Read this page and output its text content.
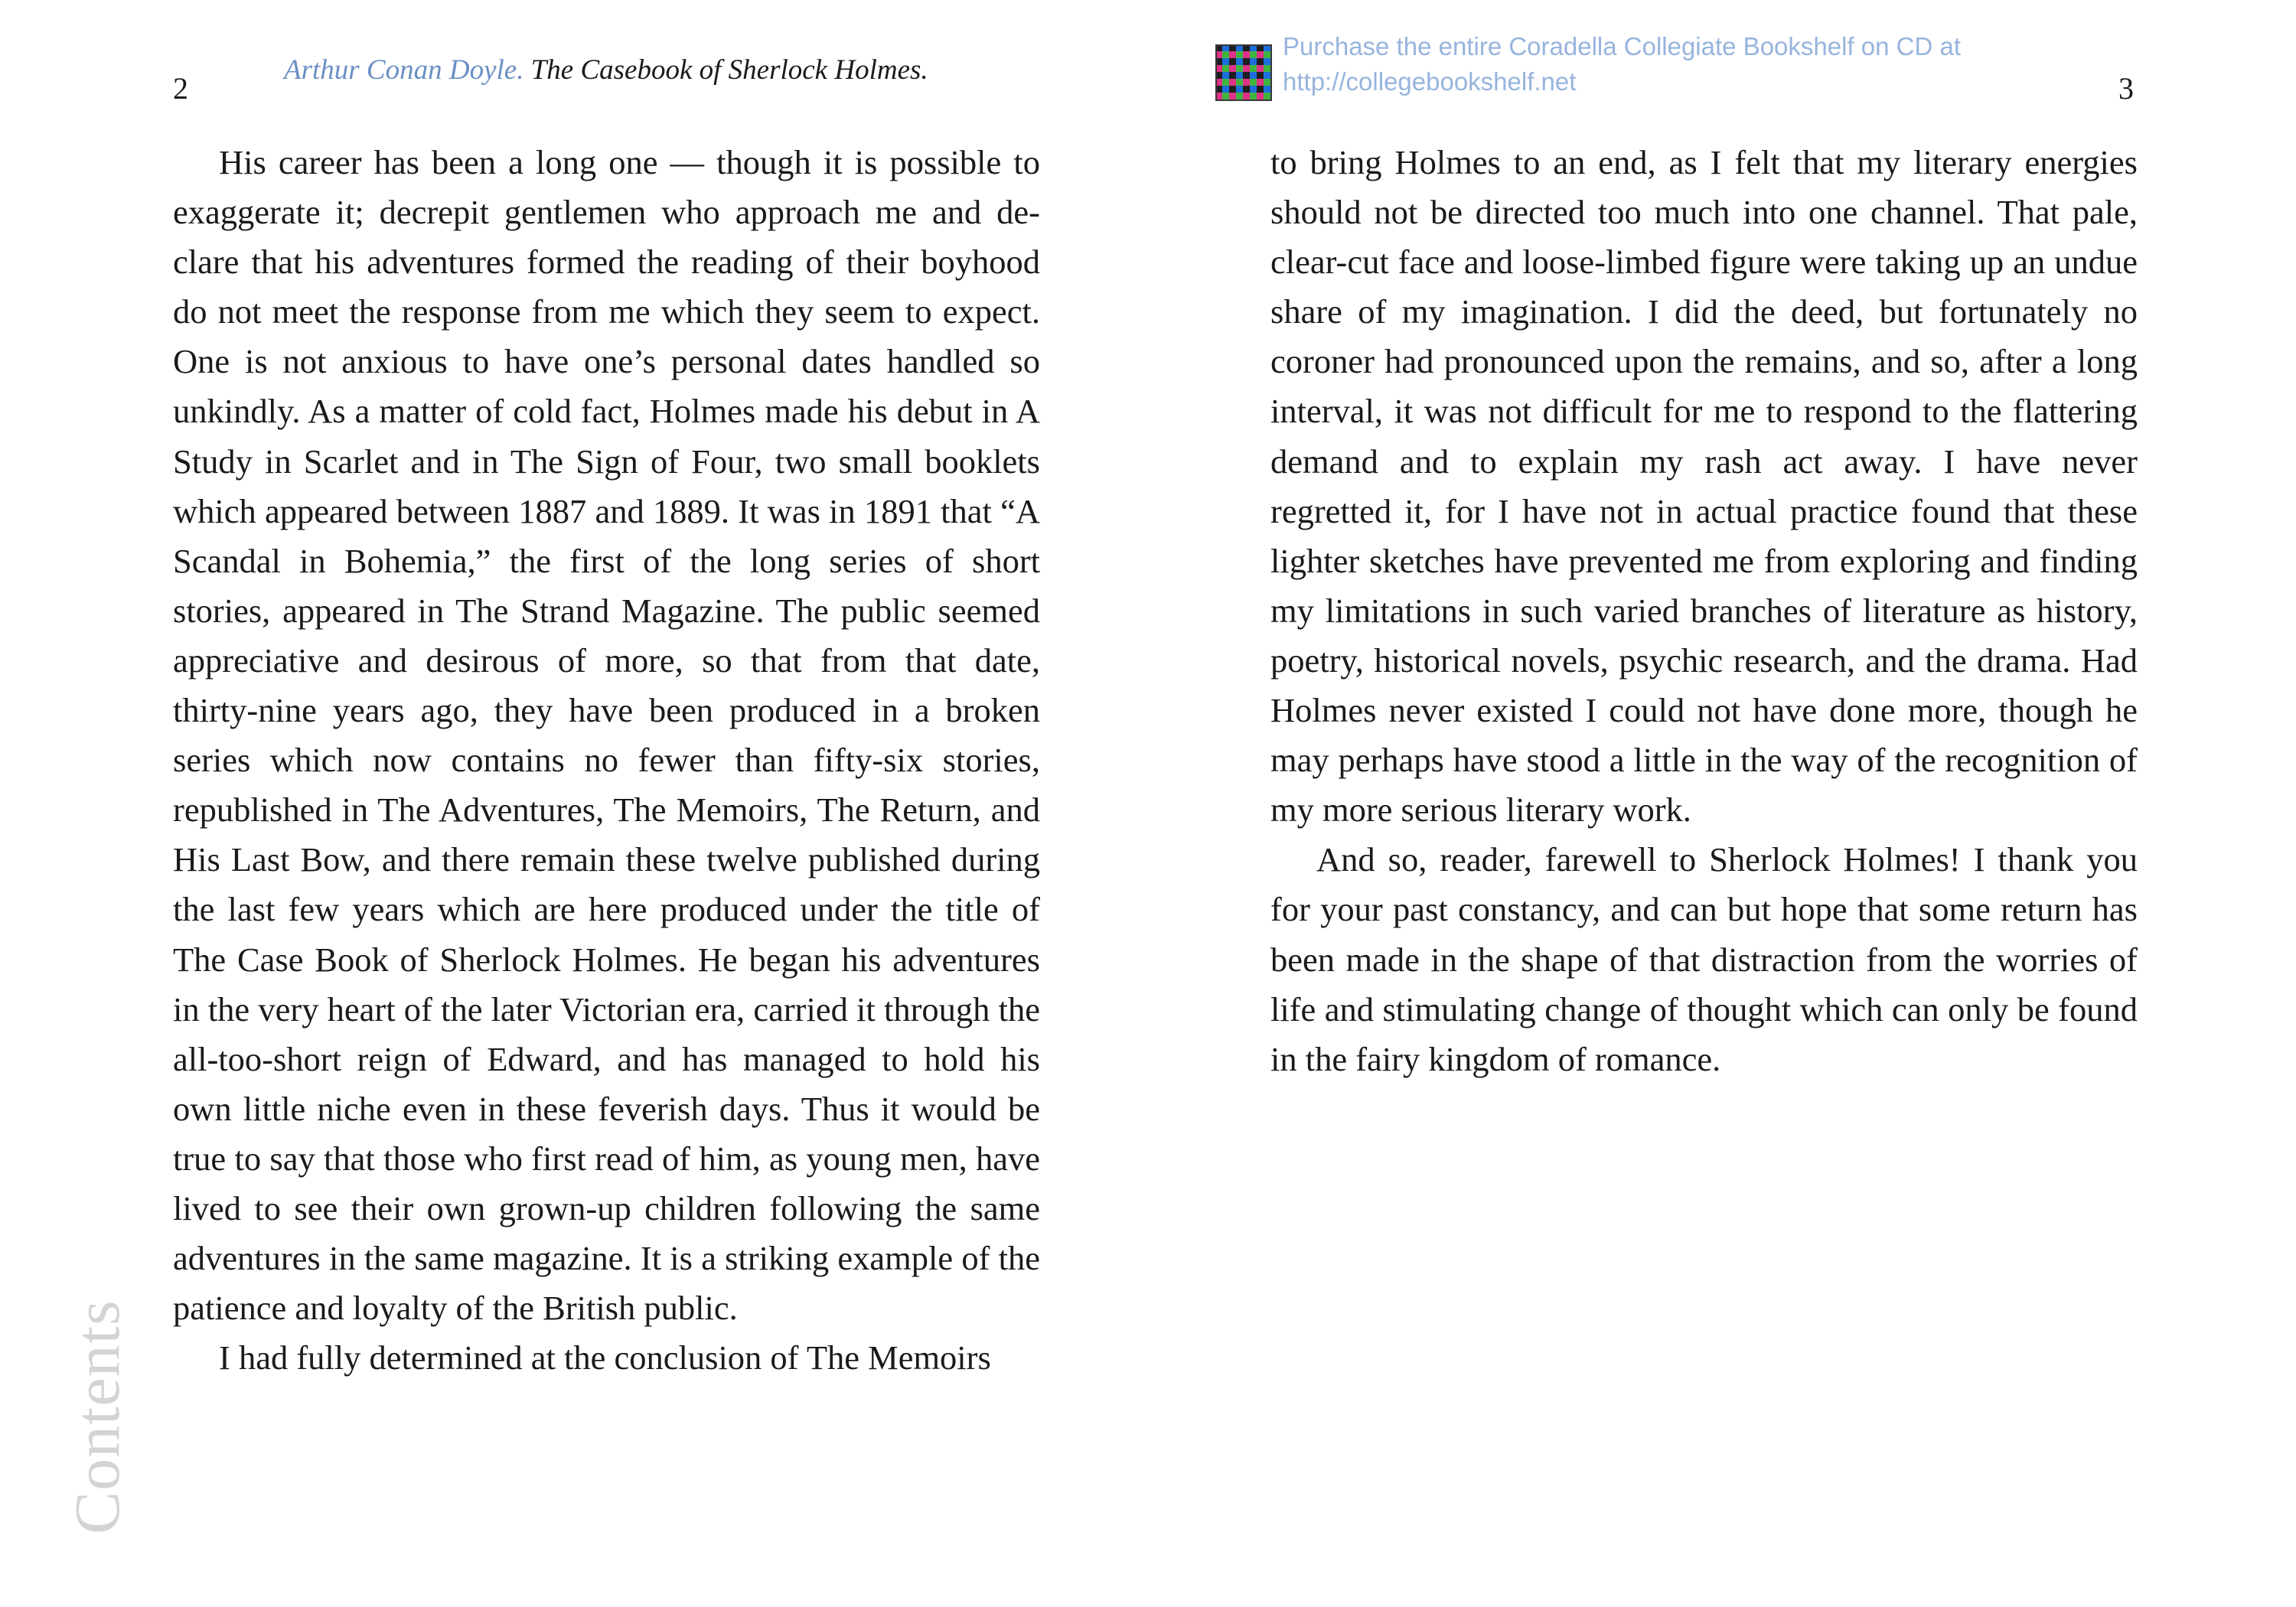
2
Arthur Conan Doyle. The Casebook of Sherlock Holmes.

His career has been a long one — though it is possible to exaggerate it; decrepit gentlemen who approach me and declare that his adventures formed the reading of their boyhood do not meet the response from me which they seem to expect. One is not anxious to have one’s personal dates handled so unkindly. As a matter of cold fact, Holmes made his debut in A Study in Scarlet and in The Sign of Four, two small booklets which appeared between 1887 and 1889. It was in 1891 that “A Scandal in Bohemia,” the first of the long series of short stories, appeared in The Strand Magazine. The public seemed appreciative and desirous of more, so that from that date, thirty-nine years ago, they have been produced in a broken series which now contains no fewer than fifty-six stories, republished in The Adventures, The Memoirs, The Return, and His Last Bow, and there remain these twelve published during the last few years which are here produced under the title of The Case Book of Sherlock Holmes. He began his adventures in the very heart of the later Victorian era, carried it through the all-too-short reign of Edward, and has managed to hold his own little niche even in these feverish days. Thus it would be true to say that those who first read of him, as young men, have lived to see their own grown-up children following the same adventures in the same magazine. It is a striking example of the patience and loyalty of the British public.

I had fully determined at the conclusion of The Memoirs

Contents
Purchase the entire Coradella Collegiate Bookshelf on CD at
http://collegebookshelf.net	3

to bring Holmes to an end, as I felt that my literary energies should not be directed too much into one channel. That pale, clear-cut face and loose-limbed figure were taking up an undue share of my imagination. I did the deed, but fortunately no coroner had pronounced upon the remains, and so, after a long interval, it was not difficult for me to respond to the flattering demand and to explain my rash act away. I have never regretted it, for I have not in actual practice found that these lighter sketches have prevented me from exploring and finding my limitations in such varied branches of literature as history, poetry, historical novels, psychic research, and the drama. Had Holmes never existed I could not have done more, though he may perhaps have stood a little in the way of the recognition of my more serious literary work.

And so, reader, farewell to Sherlock Holmes! I thank you for your past constancy, and can but hope that some return has been made in the shape of that distraction from the worries of life and stimulating change of thought which can only be found in the fairy kingdom of romance.
